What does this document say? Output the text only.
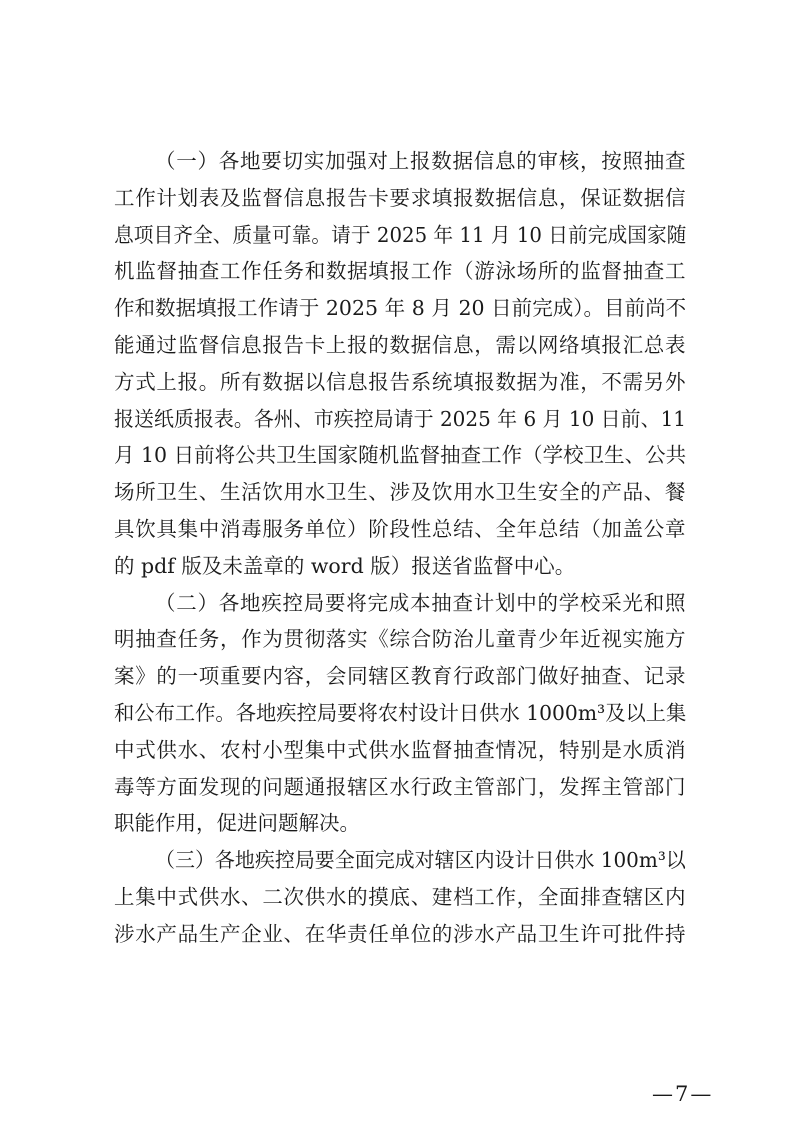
（一）各地要切实加强对上报数据信息的审核，按照抽查
工作计划表及监督信息报告卡要求填报数据信息，保证数据信
息项目齐全、质量可靠。请于 2025 年 11 月 10 日前完成国家随
机监督抽查工作任务和数据填报工作（游泳场所的监督抽查工
作和数据填报工作请于 2025 年 8 月 20 日前完成）。目前尚不
能通过监督信息报告卡上报的数据信息，需以网络填报汇总表
方式上报。所有数据以信息报告系统填报数据为准，不需另外
报送纸质报表。各州、市疾控局请于 2025 年 6 月 10 日前、11
月 10 日前将公共卫生国家随机监督抽查工作（学校卫生、公共
场所卫生、生活饮用水卫生、涉及饮用水卫生安全的产品、餐
具饮具集中消毒服务单位）阶段性总结、全年总结（加盖公章
的 pdf 版及未盖章的 word 版）报送省监督中心。
（二）各地疾控局要将完成本抽查计划中的学校采光和照
明抽查任务，作为贯彻落实《综合防治儿童青少年近视实施方
案》的一项重要内容，会同辖区教育行政部门做好抽查、记录
和公布工作。各地疾控局要将农村设计日供水 1000m³及以上集
中式供水、农村小型集中式供水监督抽查情况，特别是水质消
毒等方面发现的问题通报辖区水行政主管部门，发挥主管部门
职能作用，促进问题解决。
（三）各地疾控局要全面完成对辖区内设计日供水 100m³以
上集中式供水、二次供水的摸底、建档工作，全面排查辖区内
涉水产品生产企业、在华责任单位的涉水产品卫生许可批件持
—7—
